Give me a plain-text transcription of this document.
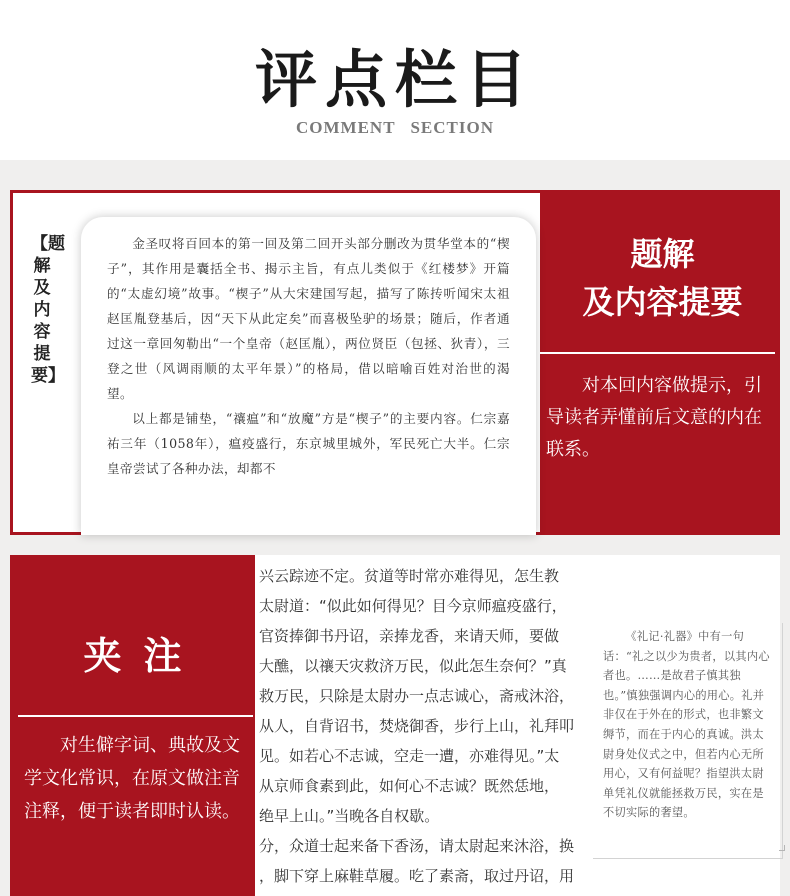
评点栏目
COMMENT SECTION
【题解及内容提要】

金圣叹将百回本的第一回及第二回开头部分删改为贯华堂本的“楔子”，其作用是囊括全书、揭示主旨，有点儿类似于《红楼梦》开篇的“太虚幻境”故事。“楔子”从大宋建国写起，描写了陈抟听闻宋太祖赵匡胤登基后，因“天下从此定矣”而喜极坠驴的场景；随后，作者通过这一章回匆勒出“一个皇帝（赵匡胤），两位贤臣（包拯、狄青），三登之世（风调雨顺的太平年景）”的格局，借以暗喻百姓对治世的渴望。

以上都是铺垫，“禳瘟”和“放魔”方是“楔子”的主要内容。仁宗嘉祐三年（1058年），瘟疫盛行，东京城里城外，军民死亡大半。仁宗皇帝尝试了各种办法，却都不

题解
及内容提要
对本回内容做提示，引导读者弄懂前后文意的内在联系。
夹注
对生僻字词、典故及文学文化常识，在原文做注音注释，便于读者即时认读。

兴云踪迹不定。贫道等时常亦难得见，怎生教

太尉道：“似此如何得见？目今京师瘟疫盛行，

官资捧御书丹诏，亲捧龙香，来请天师，要做

大醮，以禳天灾救济万民，似此怎生奈何？”真

救万民，只除是太尉办一点志诚心，斋戒沐浴，

从人，自背诏书，焚烧御香，步行上山，礼拜叩

见。如若心不志诚，空走一遭，亦难得见。”太

从京师食素到此，如何心不志诚？既然恁地，

绝早上山。”当晚各自权歇。

分，众道士起来备下香汤，请太尉起来沐浴，换

，脚下穿上麻鞋草履。吃了素斋，取过丹诏，用

《礼记·礼器》中有一句话：“礼之以少为贵者，以其内心者也。……是故君子慎其独也。”慎独强调内心的用心。礼并非仅在于外在的形式，也非繁文缛节，而在于内心的真诚。洪太尉身处仪式之中，但若内心无所用心，又有何益呢？指望洪太尉单凭礼仪就能拯救万民，实在是不切实际的奢望。
